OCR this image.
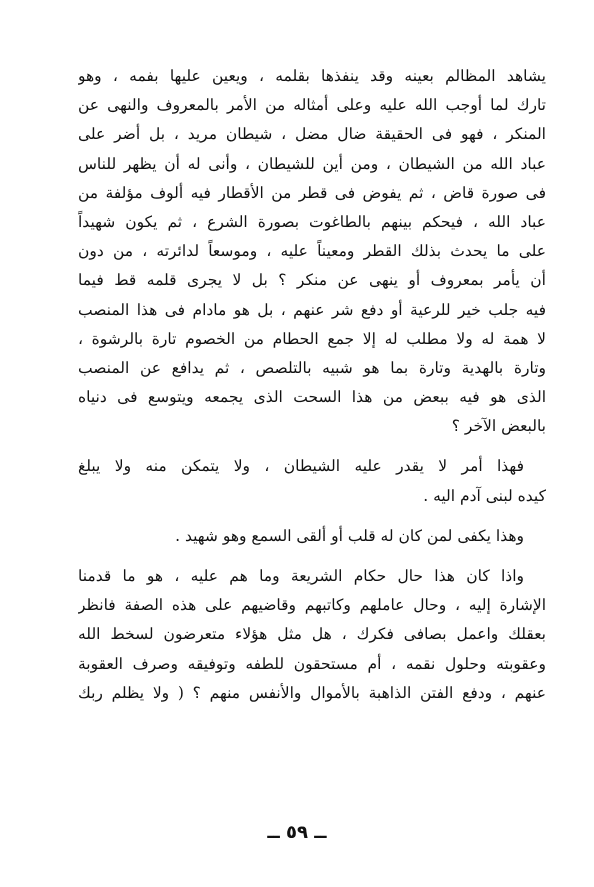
يشاهد المظالم بعينه وقد ينفذها بقلمه ، ويعين عليها بفمه ، وهو
تارك لما أوجب الله عليه وعلى أمثاله من الأمر بالمعروف والنهى عن
المنكر ، فهو فى الحقيقة ضال مضل ، شيطان مريد ، بل أضر على
عباد الله من الشيطان ، ومن أين للشيطان ، وأنى له أن يظهر للناس
فى صورة قاض ، ثم يفوض فى قطر من الأقطار فيه ألوف مؤلفة من
عباد الله ، فيحكم بينهم بالطاغوت بصورة الشرع ، ثم يكون شهيداً
على ما يحدث بذلك القطر ومعيناً عليه ، وموسعاً لدائرته ، من دون
أن يأمر بمعروف أو ينهى عن منكر ؟ بل لا يجرى قلمه قط فيما
فيه جلب خير للرعية أو دفع شر عنهم ، بل هو مادام فى هذا المنصب
لا همة له ولا مطلب له إلا جمع الحطام من الخصوم تارة بالرشوة ،
وتارة بالهدية وتارة بما هو شبيه بالتلصص ، ثم يدافع عن المنصب
الذى هو فيه ببعض من هذا السحت الذى يجمعه ويتوسع فى دنياه
بالبعض الآخر ؟
فهذا أمر لا يقدر عليه الشيطان ، ولا يتمكن منه ولا يبلغ
كيده لبنى آدم اليه .
وهذا يكفى لمن كان له قلب أو ألقى السمع وهو شهيد .
واذا كان هذا حال حكام الشريعة وما هم عليه ، هو ما قدمنا
الإشارة إليه ، وحال عاملهم وكاتبهم وقاضيهم على هذه الصفة فانظر
بعقلك واعمل بصافى فكرك ، هل مثل هؤلاء متعرضون لسخط الله
وعقوبته وحلول نقمه ، أم مستحقون للطفه وتوفيقه وصرف العقوبة
عنهم ، ودفع الفتن الذاهبة بالأموال والأنفس منهم ؟ ( ولا يظلم ربك
ــ ٥٩ ــ
